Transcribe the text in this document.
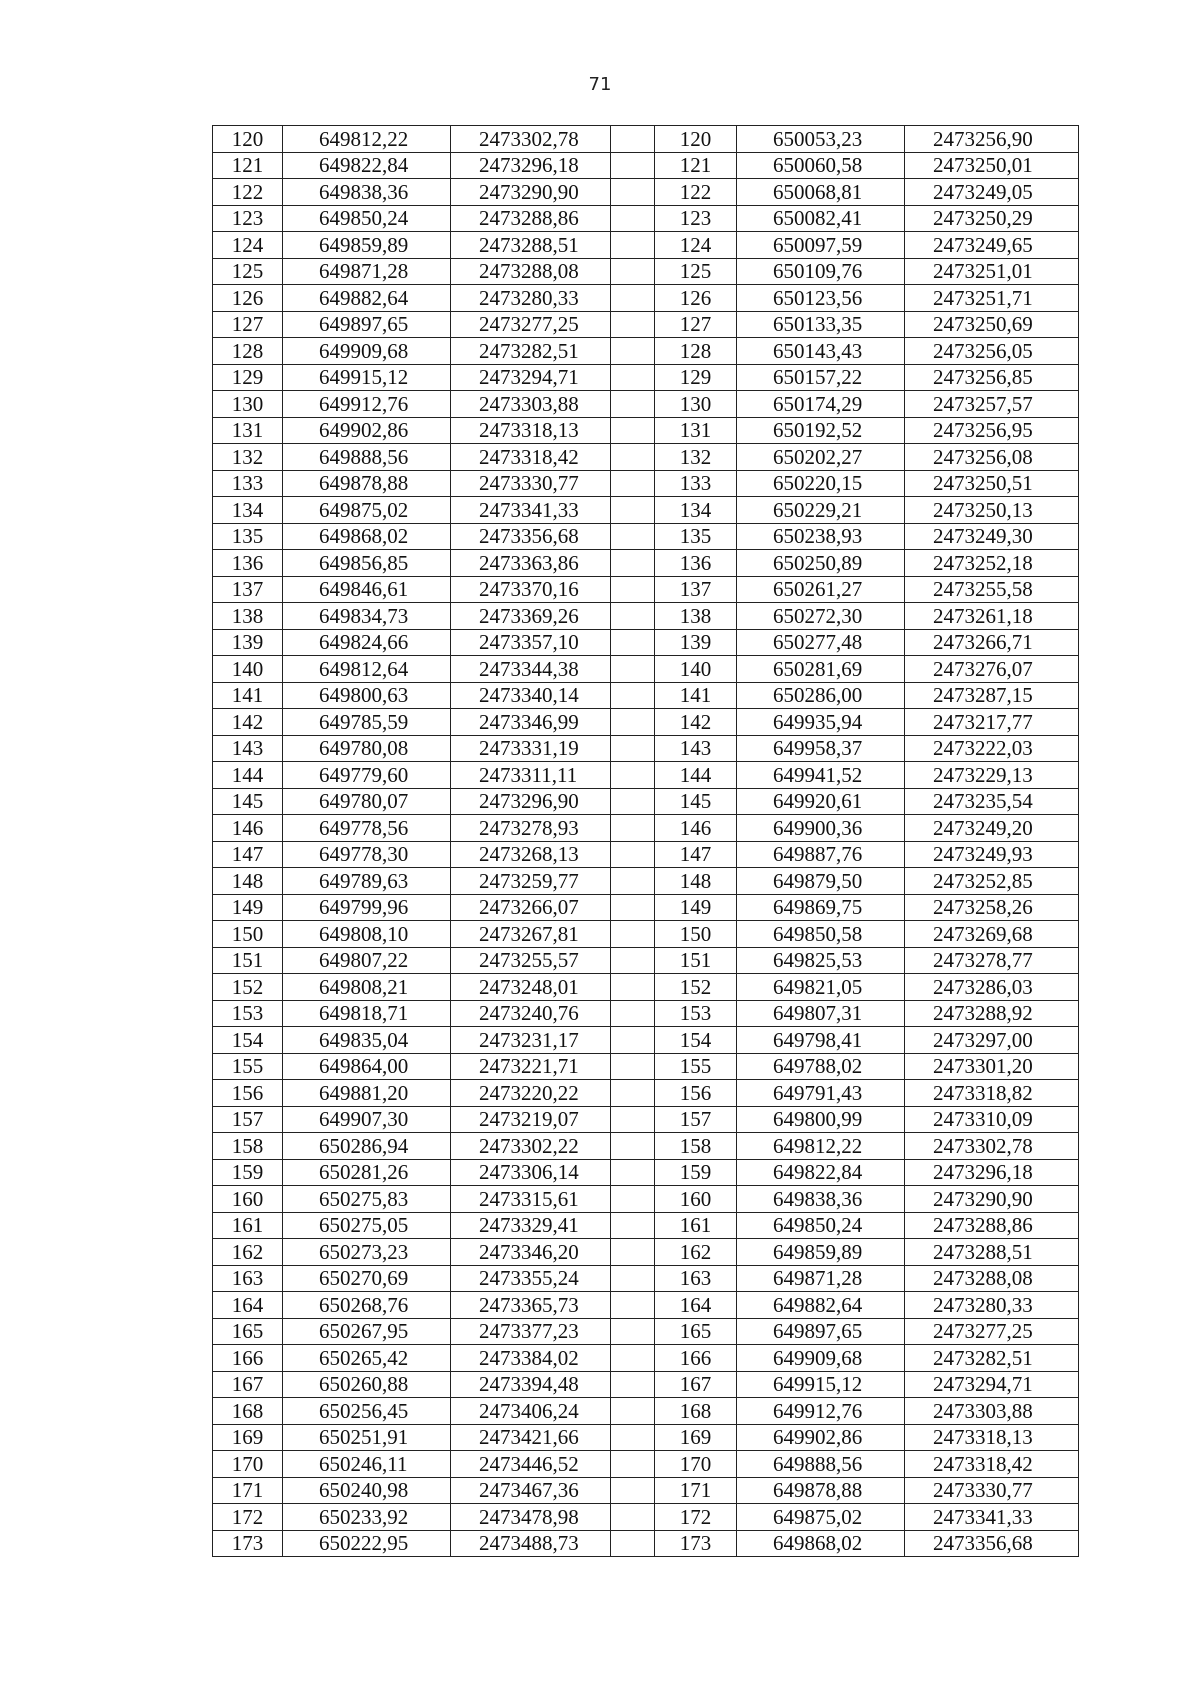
71
120	649812,22	2473302,78		120	650053,23	2473256,90
121	649822,84	2473296,18		121	650060,58	2473250,01
122	649838,36	2473290,90		122	650068,81	2473249,05
123	649850,24	2473288,86		123	650082,41	2473250,29
124	649859,89	2473288,51		124	650097,59	2473249,65
125	649871,28	2473288,08		125	650109,76	2473251,01
126	649882,64	2473280,33		126	650123,56	2473251,71
127	649897,65	2473277,25		127	650133,35	2473250,69
128	649909,68	2473282,51		128	650143,43	2473256,05
129	649915,12	2473294,71		129	650157,22	2473256,85
130	649912,76	2473303,88		130	650174,29	2473257,57
131	649902,86	2473318,13		131	650192,52	2473256,95
132	649888,56	2473318,42		132	650202,27	2473256,08
133	649878,88	2473330,77		133	650220,15	2473250,51
134	649875,02	2473341,33		134	650229,21	2473250,13
135	649868,02	2473356,68		135	650238,93	2473249,30
136	649856,85	2473363,86		136	650250,89	2473252,18
137	649846,61	2473370,16		137	650261,27	2473255,58
138	649834,73	2473369,26		138	650272,30	2473261,18
139	649824,66	2473357,10		139	650277,48	2473266,71
140	649812,64	2473344,38		140	650281,69	2473276,07
141	649800,63	2473340,14		141	650286,00	2473287,15
142	649785,59	2473346,99		142	649935,94	2473217,77
143	649780,08	2473331,19		143	649958,37	2473222,03
144	649779,60	2473311,11		144	649941,52	2473229,13
145	649780,07	2473296,90		145	649920,61	2473235,54
146	649778,56	2473278,93		146	649900,36	2473249,20
147	649778,30	2473268,13		147	649887,76	2473249,93
148	649789,63	2473259,77		148	649879,50	2473252,85
149	649799,96	2473266,07		149	649869,75	2473258,26
150	649808,10	2473267,81		150	649850,58	2473269,68
151	649807,22	2473255,57		151	649825,53	2473278,77
152	649808,21	2473248,01		152	649821,05	2473286,03
153	649818,71	2473240,76		153	649807,31	2473288,92
154	649835,04	2473231,17		154	649798,41	2473297,00
155	649864,00	2473221,71		155	649788,02	2473301,20
156	649881,20	2473220,22		156	649791,43	2473318,82
157	649907,30	2473219,07		157	649800,99	2473310,09
158	650286,94	2473302,22		158	649812,22	2473302,78
159	650281,26	2473306,14		159	649822,84	2473296,18
160	650275,83	2473315,61		160	649838,36	2473290,90
161	650275,05	2473329,41		161	649850,24	2473288,86
162	650273,23	2473346,20		162	649859,89	2473288,51
163	650270,69	2473355,24		163	649871,28	2473288,08
164	650268,76	2473365,73		164	649882,64	2473280,33
165	650267,95	2473377,23		165	649897,65	2473277,25
166	650265,42	2473384,02		166	649909,68	2473282,51
167	650260,88	2473394,48		167	649915,12	2473294,71
168	650256,45	2473406,24		168	649912,76	2473303,88
169	650251,91	2473421,66		169	649902,86	2473318,13
170	650246,11	2473446,52		170	649888,56	2473318,42
171	650240,98	2473467,36		171	649878,88	2473330,77
172	650233,92	2473478,98		172	649875,02	2473341,33
173	650222,95	2473488,73		173	649868,02	2473356,68
